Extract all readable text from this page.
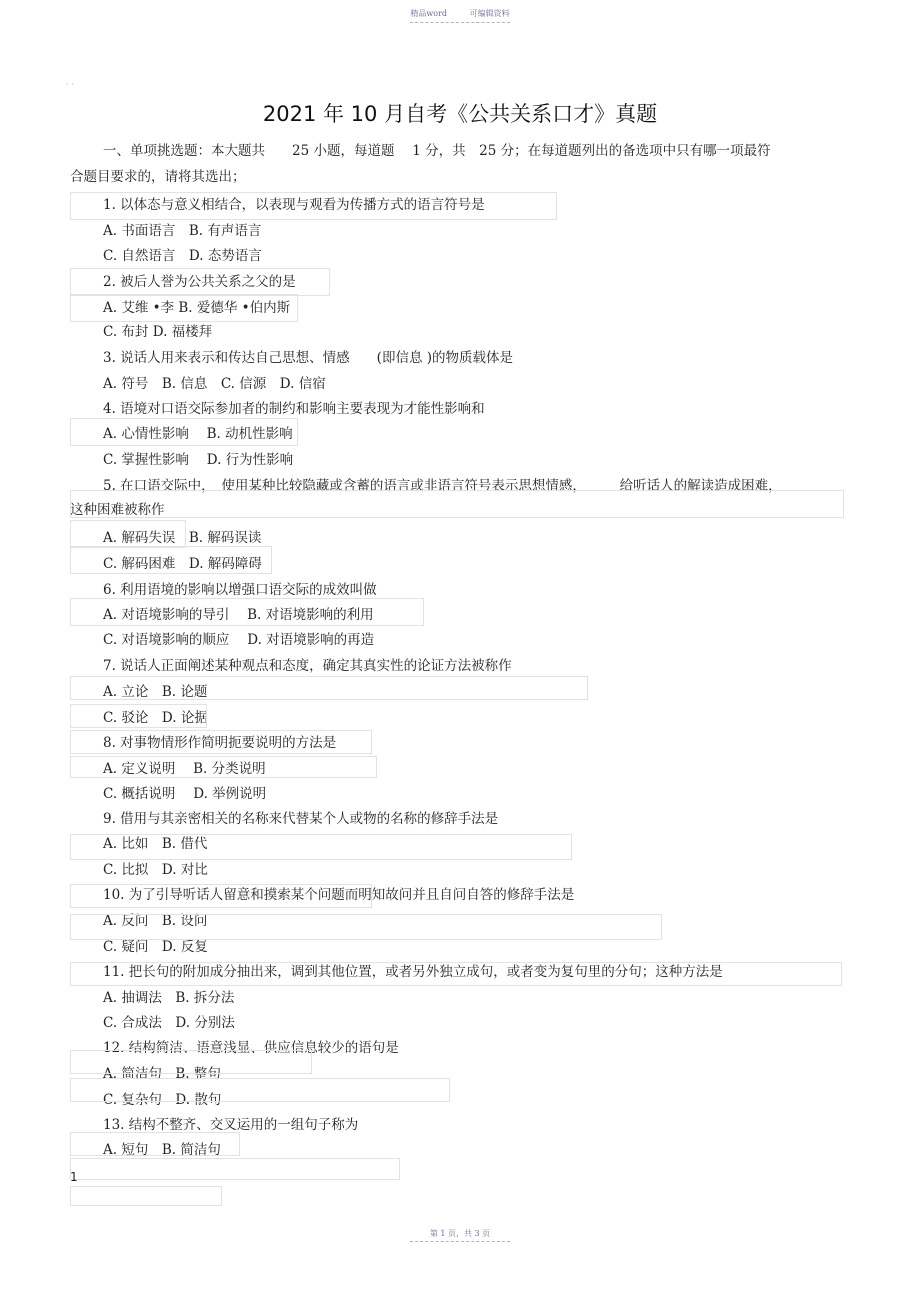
精品word	可编辑资料
· ·
2021 年 10 月自考《公共关系口才》真题
一、单项挑选题：本大题共　　25 小题，每道题　 1 分，共　25 分；在每道题列出的备选项中只有哪一项最符
合题目要求的，请将其选出；
1. 以体态与意义相结合，以表现与观看为传播方式的语言符号是
A. 书面语言　B. 有声语言
C. 自然语言　D. 态势语言
2. 被后人誉为公共关系之父的是
A. 艾维 •李 B. 爱德华 •伯内斯
C. 布封 D. 福楼拜
3. 说话人用来表示和传达自己思想、情感　　(即信息 )的物质载体是
A. 符号　B. 信息　C. 信源　D. 信宿
4. 语境对口语交际参加者的制约和影响主要表现为才能性影响和
A. 心情性影响　 B. 动机性影响
C. 掌握性影响　 D. 行为性影响
5. 在口语交际中，　使用某种比较隐藏或含蓄的语言或非语言符号表示思想情感，　　　给听话人的解读造成困难，
这种困难被称作
A. 解码失误　B. 解码误读
C. 解码困难　D. 解码障碍
6. 利用语境的影响以增强口语交际的成效叫做
A. 对语境影响的导引　 B. 对语境影响的利用
C. 对语境影响的顺应　 D. 对语境影响的再造
7. 说话人正面阐述某种观点和态度，确定其真实性的论证方法被称作
A. 立论　B. 论题
C. 驳论　D. 论据
8. 对事物情形作简明扼要说明的方法是
A. 定义说明　 B. 分类说明
C. 概括说明　 D. 举例说明
9. 借用与其亲密相关的名称来代替某个人或物的名称的修辞手法是
A. 比如　B. 借代
C. 比拟　D. 对比
10. 为了引导听话人留意和摸索某个问题而明知故问并且自问自答的修辞手法是
A. 反问　B. 设问
C. 疑问　D. 反复
11. 把长句的附加成分抽出来，调到其他位置，或者另外独立成句，或者变为复句里的分句；这种方法是
A. 抽调法　B. 拆分法
C. 合成法　D. 分别法
12. 结构简洁、语意浅显、供应信息较少的语句是
A. 简洁句　B. 整句
C. 复杂句　D. 散句
13. 结构不整齐、交叉运用的一组句子称为
A. 短句　B. 简洁句
1
第 1 页，共 3 页
